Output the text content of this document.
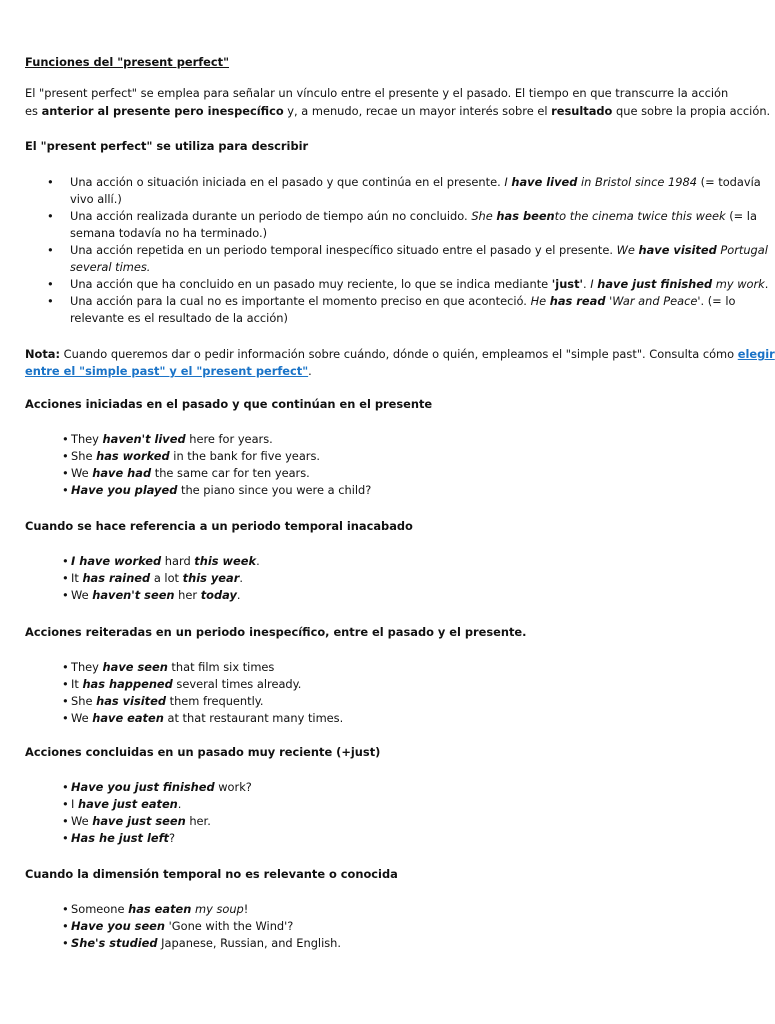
Funciones del "present perfect"
El "present perfect" se emplea para señalar un vínculo entre el presente y el pasado. El tiempo en que transcurre la acción
es anterior al presente pero inespecífico y, a menudo, recae un mayor interés sobre el resultado que sobre la propia acción.
El "present perfect" se utiliza para describir
• Una acción o situación iniciada en el pasado y que continúa en el presente. I have lived in Bristol since 1984 (= todavía
vivo allí.)
• Una acción realizada durante un periodo de tiempo aún no concluido. She has beento the cinema twice this week (= la
semana todavía no ha terminado.)
• Una acción repetida en un periodo temporal inespecífico situado entre el pasado y el presente. We have visited Portugal
several times.
• Una acción que ha concluido en un pasado muy reciente, lo que se indica mediante 'just'. I have just finished my work.
• Una acción para la cual no es importante el momento preciso en que aconteció. He has read 'War and Peace'. (= lo
relevante es el resultado de la acción)
Nota: Cuando queremos dar o pedir información sobre cuándo, dónde o quién, empleamos el "simple past". Consulta cómo elegir
entre el "simple past" y el "present perfect".
Acciones iniciadas en el pasado y que continúan en el presente
• They haven't lived here for years.
• She has worked in the bank for five years.
• We have had the same car for ten years.
• Have you played the piano since you were a child?
Cuando se hace referencia a un periodo temporal inacabado
• I have worked hard this week.
• It has rained a lot this year.
• We haven't seen her today.
Acciones reiteradas en un periodo inespecífico, entre el pasado y el presente.
• They have seen that film six times
• It has happened several times already.
• She has visited them frequently.
• We have eaten at that restaurant many times.
Acciones concluidas en un pasado muy reciente (+just)
• Have you just finished work?
• I have just eaten.
• We have just seen her.
• Has he just left?
Cuando la dimensión temporal no es relevante o conocida
• Someone has eaten my soup!
• Have you seen 'Gone with the Wind'?
• She's studied Japanese, Russian, and English.
